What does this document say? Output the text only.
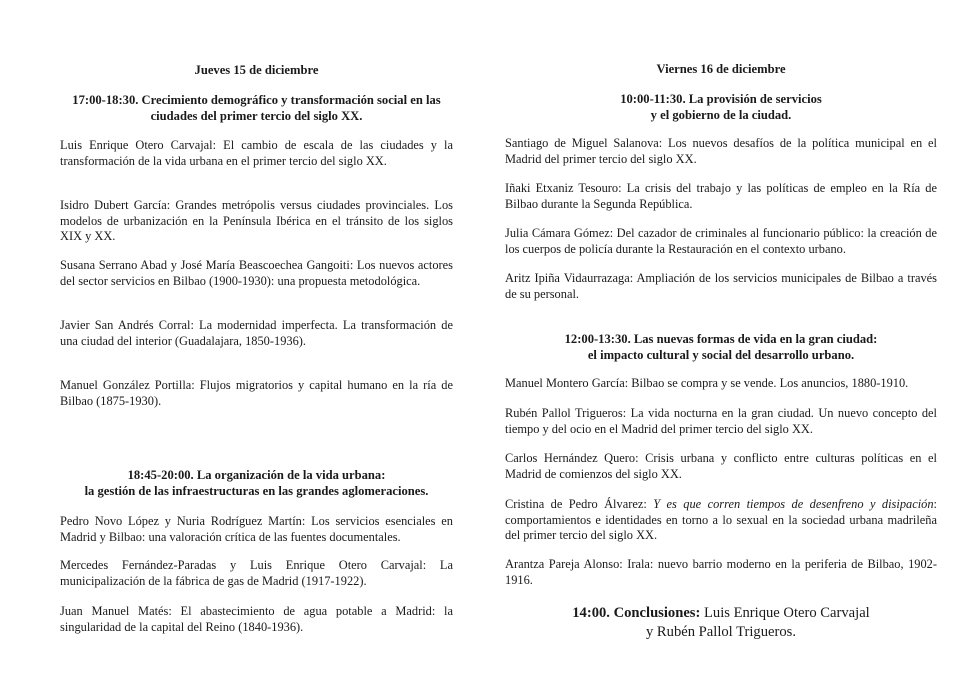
Jueves 15 de diciembre
17:00-18:30. Crecimiento demográfico y transformación social en las
ciudades del primer tercio del siglo XX.
Luis Enrique Otero Carvajal: El cambio de escala de las ciudades y la transformación de la vida urbana en el primer tercio del siglo XX.
Isidro Dubert García: Grandes metrópolis versus ciudades provinciales. Los modelos de urbanización en la Península Ibérica en el tránsito de los siglos XIX y XX.
Susana Serrano Abad y José María Beascoechea Gangoiti: Los nuevos actores del sector servicios en Bilbao (1900-1930): una propuesta metodológica.
Javier San Andrés Corral: La modernidad imperfecta. La transformación de una ciudad del interior (Guadalajara, 1850-1936).
Manuel González Portilla: Flujos migratorios y capital humano en la ría de Bilbao (1875-1930).
18:45-20:00. La organización de la vida urbana:
la gestión de las infraestructuras en las grandes aglomeraciones.
Pedro Novo López y Nuria Rodríguez Martín: Los servicios esenciales en Madrid y Bilbao: una valoración crítica de las fuentes documentales.
Mercedes Fernández-Paradas y Luis Enrique Otero Carvajal: La municipalización de la fábrica de gas de Madrid (1917-1922).
Juan Manuel Matés: El abastecimiento de agua potable a Madrid: la singularidad de la capital del Reino (1840-1936).
Viernes 16 de diciembre
10:00-11:30. La provisión de servicios
y el gobierno de la ciudad.
Santiago de Miguel Salanova: Los nuevos desafíos de la política municipal en el Madrid del primer tercio del siglo XX.
Iñaki Etxaniz Tesouro: La crisis del trabajo y las políticas de empleo en la Ría de Bilbao durante la Segunda República.
Julia Cámara Gómez: Del cazador de criminales al funcionario público: la creación de los cuerpos de policía durante la Restauración en el contexto urbano.
Aritz Ipiña Vidaurrazaga: Ampliación de los servicios municipales de Bilbao a través de su personal.
12:00-13:30. Las nuevas formas de vida en la gran ciudad:
el impacto cultural y social del desarrollo urbano.
Manuel Montero García: Bilbao se compra y se vende. Los anuncios, 1880-1910.
Rubén Pallol Trigueros: La vida nocturna en la gran ciudad. Un nuevo concepto del tiempo y del ocio en el Madrid del primer tercio del siglo XX.
Carlos Hernández Quero: Crisis urbana y conflicto entre culturas políticas en el Madrid de comienzos del siglo XX.
Cristina de Pedro Álvarez: Y es que corren tiempos de desenfreno y disipación: comportamientos e identidades en torno a lo sexual en la sociedad urbana madrileña del primer tercio del siglo XX.
Arantza Pareja Alonso: Irala: nuevo barrio moderno en la periferia de Bilbao, 1902-1916.
14:00. Conclusiones: Luis Enrique Otero Carvajal
y Rubén Pallol Trigueros.
